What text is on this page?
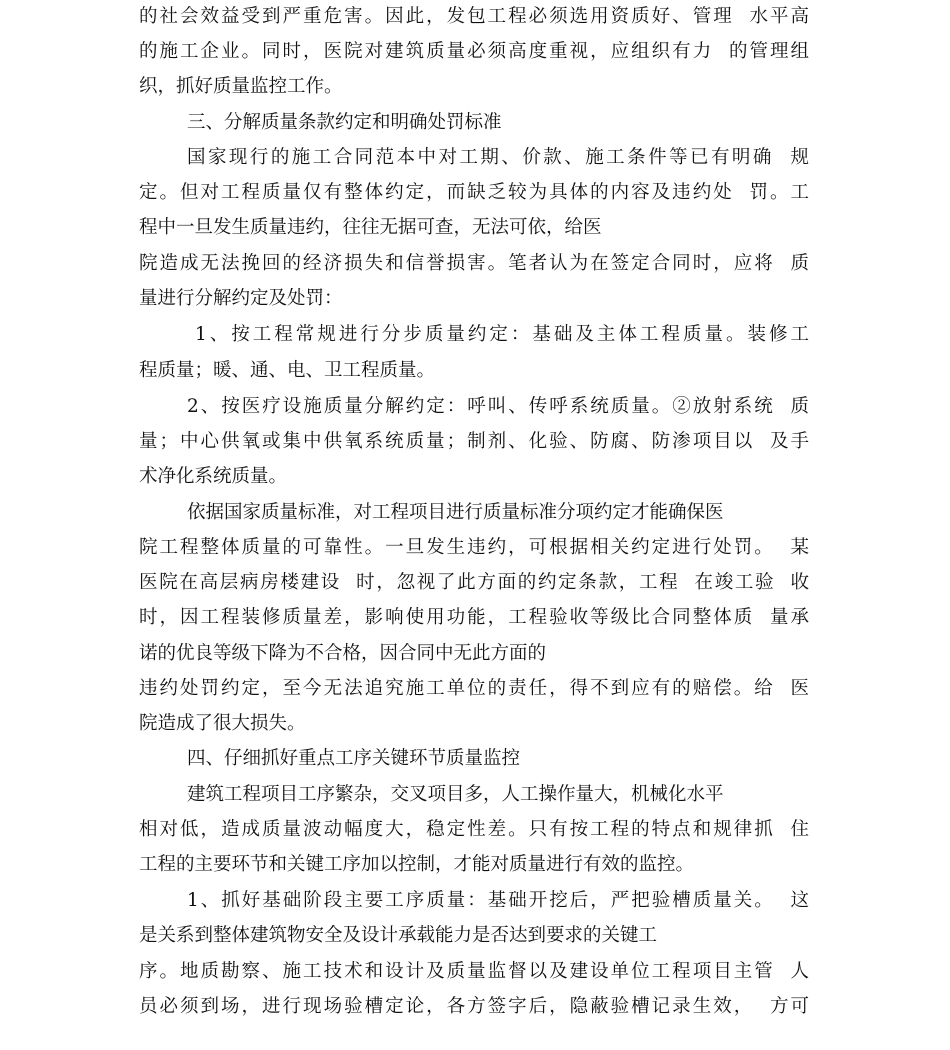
的社会效益受到严重危害。因此，发包工程必须选用资质好、管理  水平高
的施工企业。同时，医院对建筑质量必须高度重视，应组织有力  的管理组
织，抓好质量监控工作。
三、分解质量条款约定和明确处罚标准
国家现行的施工合同范本中对工期、价款、施工条件等已有明确  规
定。但对工程质量仅有整体约定，而缺乏较为具体的内容及违约处  罚。工
程中一旦发生质量违约，往往无据可查，无法可依，给医
院造成无法挽回的经济损失和信誉损害。笔者认为在签定合同时，应将  质
量进行分解约定及处罚：
1、按工程常规进行分步质量约定：基础及主体工程质量。装修工
程质量；暖、通、电、卫工程质量。
2、按医疗设施质量分解约定：呼叫、传呼系统质量。②放射系统  质
量；中心供氧或集中供氧系统质量；制剂、化验、防腐、防渗项目以  及手
术净化系统质量。
依据国家质量标准，对工程项目进行质量标准分项约定才能确保医
院工程整体质量的可靠性。一旦发生违约，可根据相关约定进行处罚。  某
医院在高层病房楼建设  时，忽视了此方面的约定条款，工程  在竣工验  收
时，因工程装修质量差，影响使用功能，工程验收等级比合同整体质  量承
诺的优良等级下降为不合格，因合同中无此方面的
违约处罚约定，至今无法追究施工单位的责任，得不到应有的赔偿。给  医
院造成了很大损失。
四、仔细抓好重点工序关键环节质量监控
建筑工程项目工序繁杂，交叉项目多，人工操作量大，机械化水平
相对低，造成质量波动幅度大，稳定性差。只有按工程的特点和规律抓  住
工程的主要环节和关键工序加以控制，才能对质量进行有效的监控。
1、抓好基础阶段主要工序质量：基础开挖后，严把验槽质量关。  这
是关系到整体建筑物安全及设计承载能力是否达到要求的关键工
序。地质勘察、施工技术和设计及质量监督以及建设单位工程项目主管  人
员必须到场，进行现场验槽定论，各方签字后，隐蔽验槽记录生效，  方可
